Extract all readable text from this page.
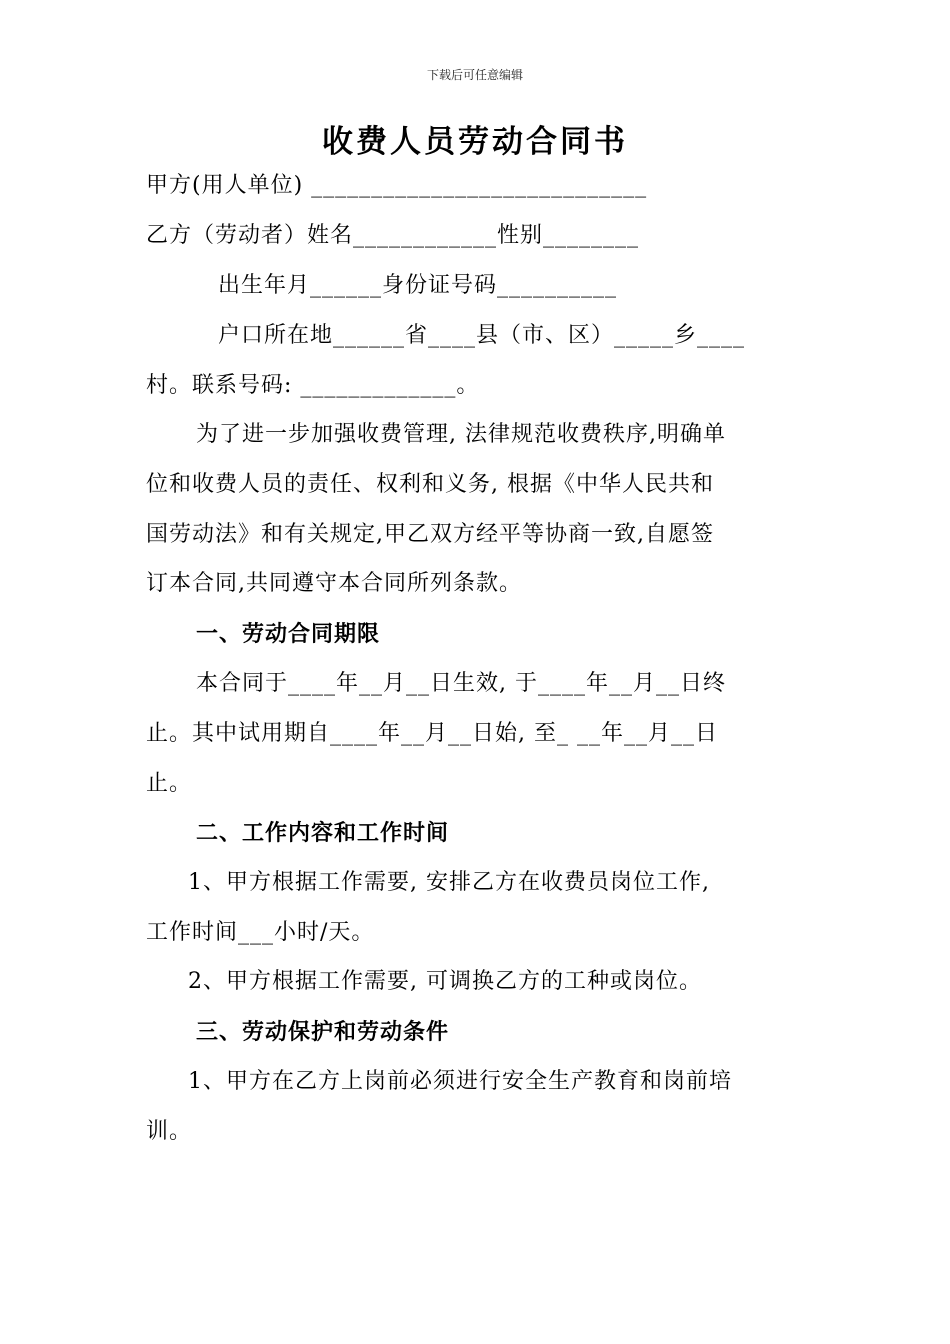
下载后可任意编辑
收费人员劳动合同书
甲方(用人单位) ____________________________
乙方（劳动者）姓名____________性别________
出生年月______身份证号码__________
户口所在地______省____县（市、区）_____乡____
村。联系号码: _____________。
为了进一步加强收费管理, 法律规范收费秩序,明确单
位和收费人员的责任、权利和义务, 根据《中华人民共和
国劳动法》和有关规定,甲乙双方经平等协商一致,自愿签
订本合同,共同遵守本合同所列条款。
一、劳动合同期限
本合同于____年__月__日生效, 于____年__月__日终
止。其中试用期自____年__月__日始, 至_ __年__月__日
止。
二、工作内容和工作时间
1、甲方根据工作需要, 安排乙方在收费员岗位工作,
工作时间___小时/天。
2、甲方根据工作需要, 可调换乙方的工种或岗位。
三、劳动保护和劳动条件
1、甲方在乙方上岗前必须进行安全生产教育和岗前培
训。
